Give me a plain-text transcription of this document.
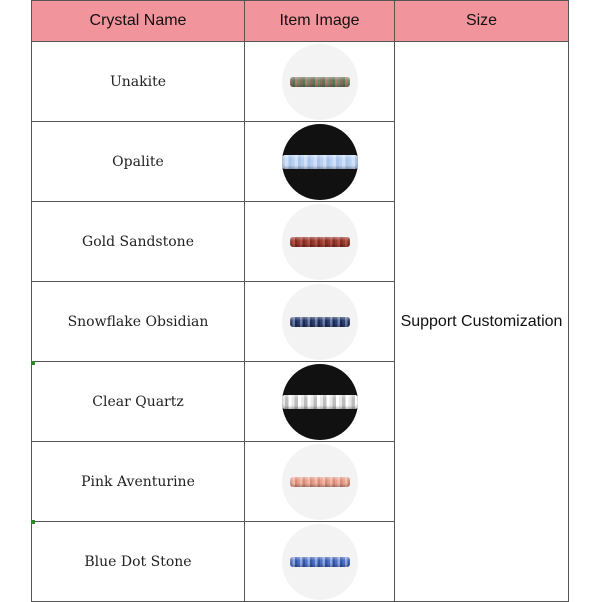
Crystal Name	Item Image	Size
Unakite		Support Customization
Opalite		

Gold Sandstone		

Snowflake Obsidian		

Clear Quartz		

Pink Aventurine		

Blue Dot Stone		
